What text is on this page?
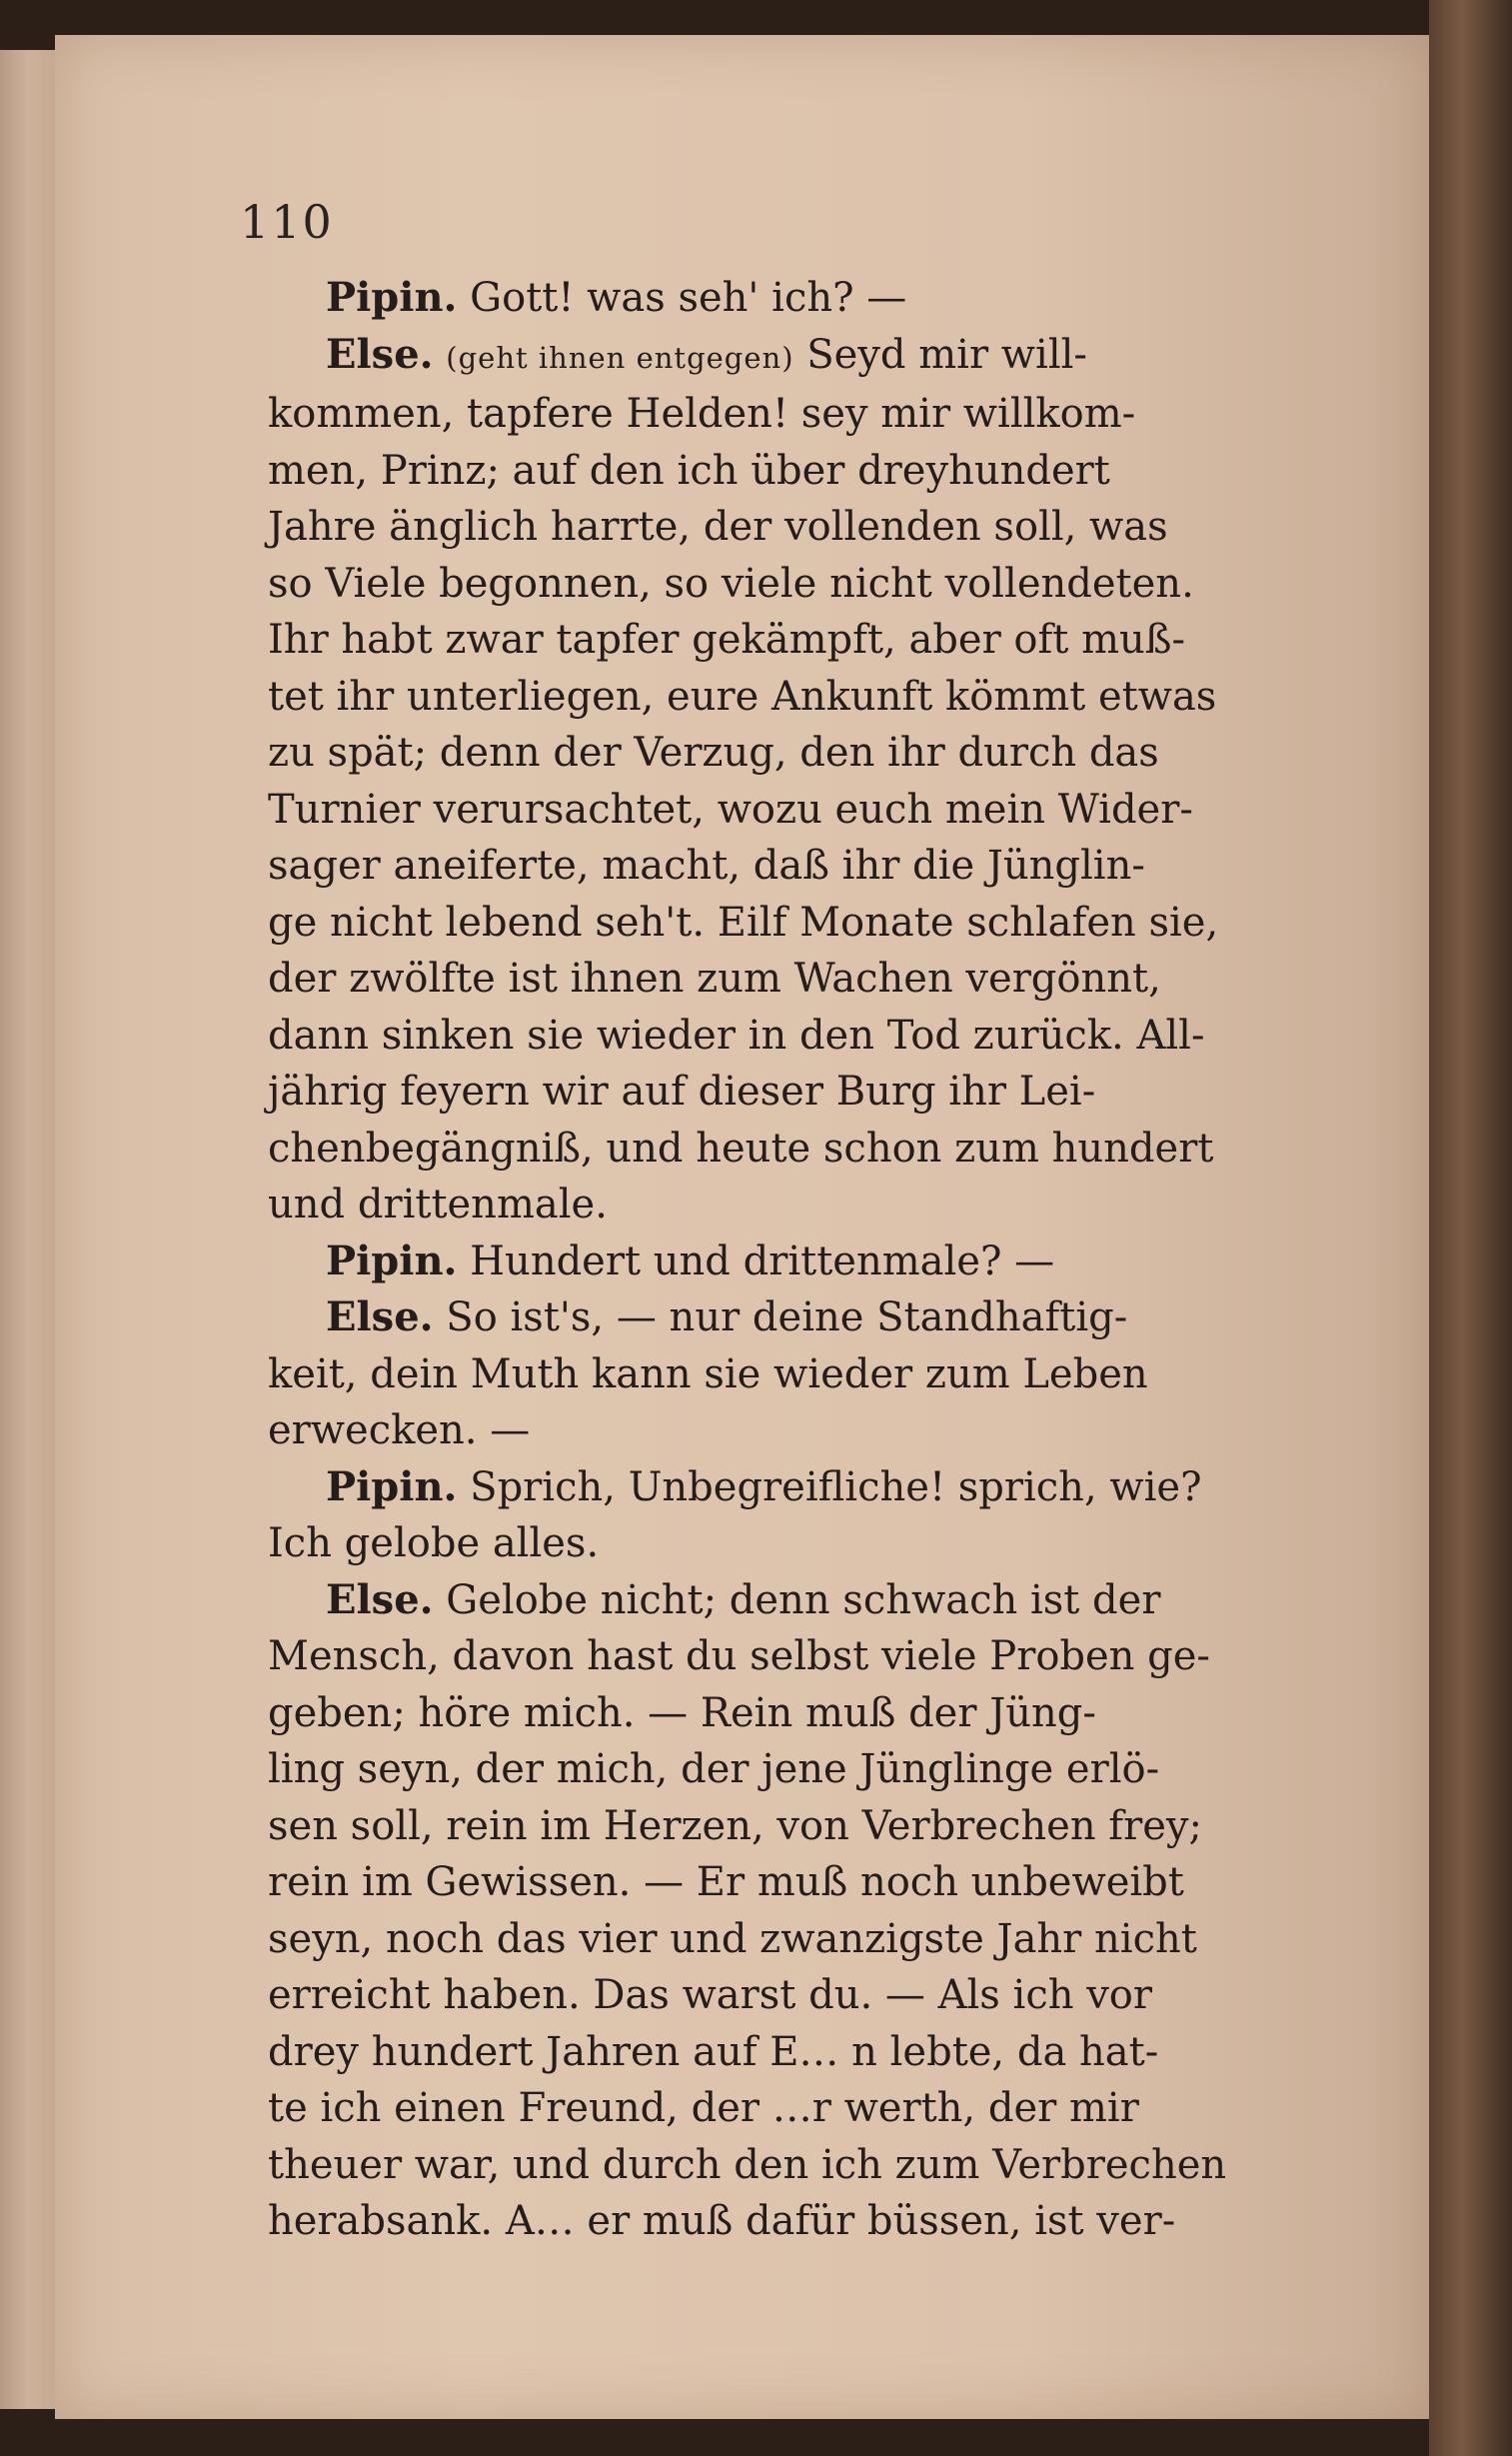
110

Pipin. Gott! was seh' ich? —

Else. (geht ihnen entgegen) Seyd mir will-
kommen, tapfere Helden! sey mir willkom-
men, Prinz; auf den ich über dreyhundert
Jahre änglich harrte, der vollenden soll, was
so Viele begonnen, so viele nicht vollendeten.
Ihr habt zwar tapfer gekämpft, aber oft muß-
tet ihr unterliegen, eure Ankunft kömmt etwas
zu spät; denn der Verzug, den ihr durch das
Turnier verursachtet, wozu euch mein Wider-
sager aneiferte, macht, daß ihr die Jünglin-
ge nicht lebend seh't. Eilf Monate schlafen sie,
der zwölfte ist ihnen zum Wachen vergönnt,
dann sinken sie wieder in den Tod zurück. All-
jährig feyern wir auf dieser Burg ihr Lei-
chenbegängniß, und heute schon zum hundert
und drittenmale.

Pipin. Hundert und drittenmale? —

Else. So ist's, — nur deine Standhaftig-
keit, dein Muth kann sie wieder zum Leben
erwecken. —

Pipin. Sprich, Unbegreifliche! sprich, wie?
Ich gelobe alles.

Else. Gelobe nicht; denn schwach ist der
Mensch, davon hast du selbst viele Proben ge-
geben; höre mich. — Rein muß der Jüng-
ling seyn, der mich, der jene Jünglinge erlö-
sen soll, rein im Herzen, von Verbrechen frey;
rein im Gewissen. — Er muß noch unbeweibt
seyn, noch das vier und zwanzigste Jahr nicht
erreicht haben. Das warst du. — Als ich vor
drey hundert Jahren auf E… n lebte, da hat-
te ich einen Freund, der …r werth, der mir
theuer war, und durch den ich zum Verbrechen
herabsank. A… er muß dafür büssen, ist ver-
